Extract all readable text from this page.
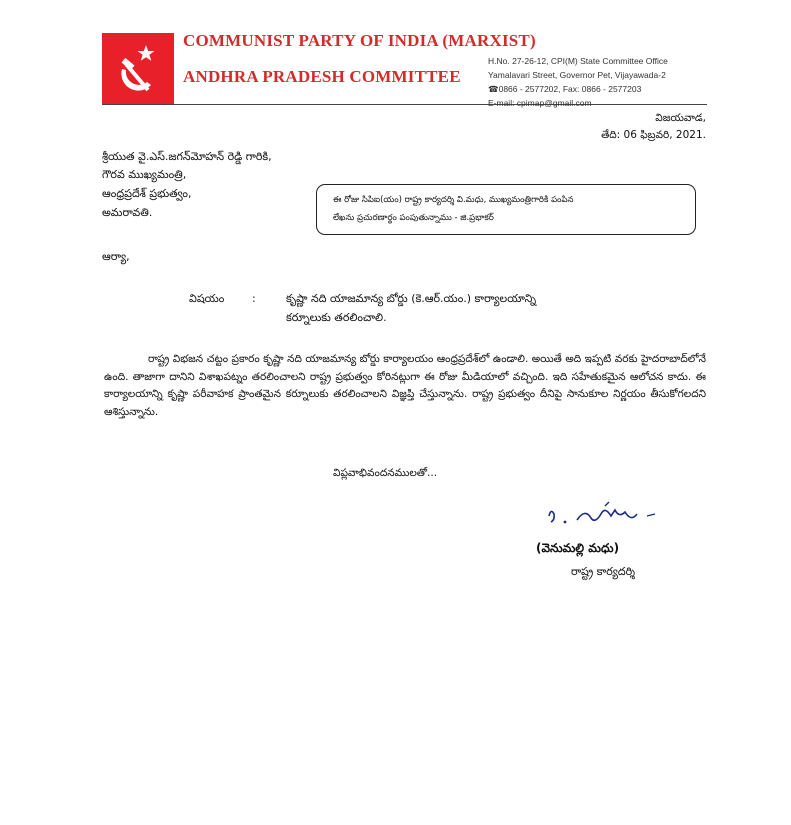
COMMUNIST PARTY OF INDIA (MARXIST)
ANDHRA PRADESH COMMITTEE
H.No. 27-26-12, CPI(M) State Committee Office
Yamalavari Street, Governor Pet, Vijayawada-2
☎0866 - 2577202, Fax: 0866 - 2577203
E-mail: cpimap@gmail.com
విజయవాడ,
తేది: 06 ఫిబ్రవరి, 2021.
శ్రీయుత వై.ఎస్.జగన్‌మోహన్ రెడ్డి గారికి,
గౌరవ ముఖ్యమంత్రి,
ఆంధ్రప్రదేశ్ ప్రభుత్వం,
అమరావతి.
ఈ రోజు సిపిఐ(యం) రాష్ట్ర కార్యదర్శి వి.మధు, ముఖ్యమంత్రిగారికి పంపిన
లేఖను ప్రచురణార్థం పంపుతున్నాము - జి.ప్రభాకర్
ఆర్యా,
విషయం	:	కృష్ణా నది యాజమాన్య బోర్డు (కె.ఆర్.యం.) కార్యాలయాన్ని
కర్నూలుకు తరలించాలి.
రాష్ట్ర విభజన చట్టం ప్రకారం కృష్ణా నది యాజమాన్య బోర్డు కార్యాలయం ఆంధ్రప్రదేశ్‌లో ఉండాలి. అయితే అది ఇప్పటి వరకు హైదరాబాద్‌లోనే ఉంది. తాజాగా దానిని విశాఖపట్నం తరలించాలని రాష్ట్ర ప్రభుత్వం కోరినట్లుగా ఈ రోజు మీడియాలో వచ్చింది. ఇది సహేతుకమైన ఆలోచన కాదు. ఈ కార్యాలయాన్ని కృష్ణా పరీవాహక ప్రాంతమైన కర్నూలుకు తరలించాలని విజ్ఞప్తి చేస్తున్నాను. రాష్ట్ర ప్రభుత్వం దీనిపై సానుకూల నిర్ణయం తీసుకోగలదని ఆశిస్తున్నాను.
విప్లవాభివందనములతో...
(వెనుమల్లి మధు)
రాష్ట్ర కార్యదర్శి
